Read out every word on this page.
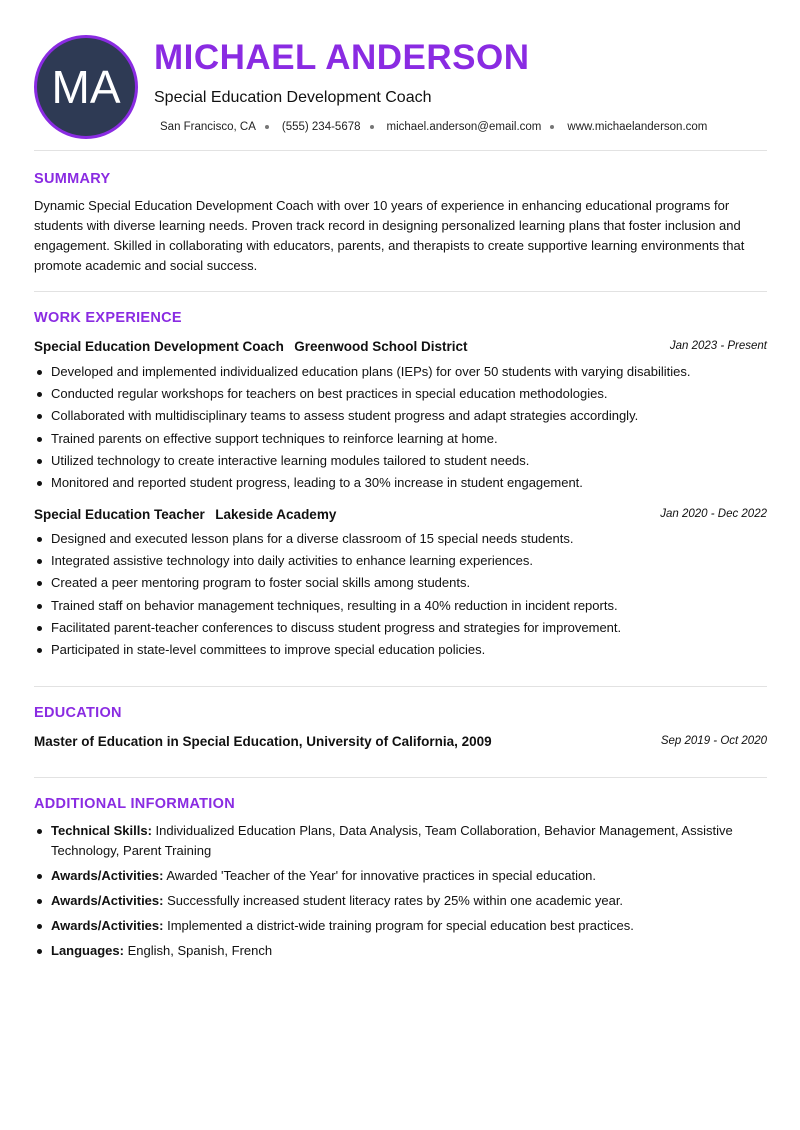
MA
MICHAEL ANDERSON
Special Education Development Coach
San Francisco, CA (555) 234-5678 michael.anderson@email.com www.michaelanderson.com
SUMMARY
Dynamic Special Education Development Coach with over 10 years of experience in enhancing educational programs for students with diverse learning needs. Proven track record in designing personalized learning plans that foster inclusion and engagement. Skilled in collaborating with educators, parents, and therapists to create supportive learning environments that promote academic and social success.
WORK EXPERIENCE
Special Education Development Coach Greenwood School District	Jan 2023 - Present
Developed and implemented individualized education plans (IEPs) for over 50 students with varying disabilities.
Conducted regular workshops for teachers on best practices in special education methodologies.
Collaborated with multidisciplinary teams to assess student progress and adapt strategies accordingly.
Trained parents on effective support techniques to reinforce learning at home.
Utilized technology to create interactive learning modules tailored to student needs.
Monitored and reported student progress, leading to a 30% increase in student engagement.
Special Education Teacher Lakeside Academy	Jan 2020 - Dec 2022
Designed and executed lesson plans for a diverse classroom of 15 special needs students.
Integrated assistive technology into daily activities to enhance learning experiences.
Created a peer mentoring program to foster social skills among students.
Trained staff on behavior management techniques, resulting in a 40% reduction in incident reports.
Facilitated parent-teacher conferences to discuss student progress and strategies for improvement.
Participated in state-level committees to improve special education policies.
EDUCATION
Master of Education in Special Education, University of California, 2009	Sep 2019 - Oct 2020
ADDITIONAL INFORMATION
Technical Skills: Individualized Education Plans, Data Analysis, Team Collaboration, Behavior Management, Assistive Technology, Parent Training
Awards/Activities: Awarded 'Teacher of the Year' for innovative practices in special education.
Awards/Activities: Successfully increased student literacy rates by 25% within one academic year.
Awards/Activities: Implemented a district-wide training program for special education best practices.
Languages: English, Spanish, French
